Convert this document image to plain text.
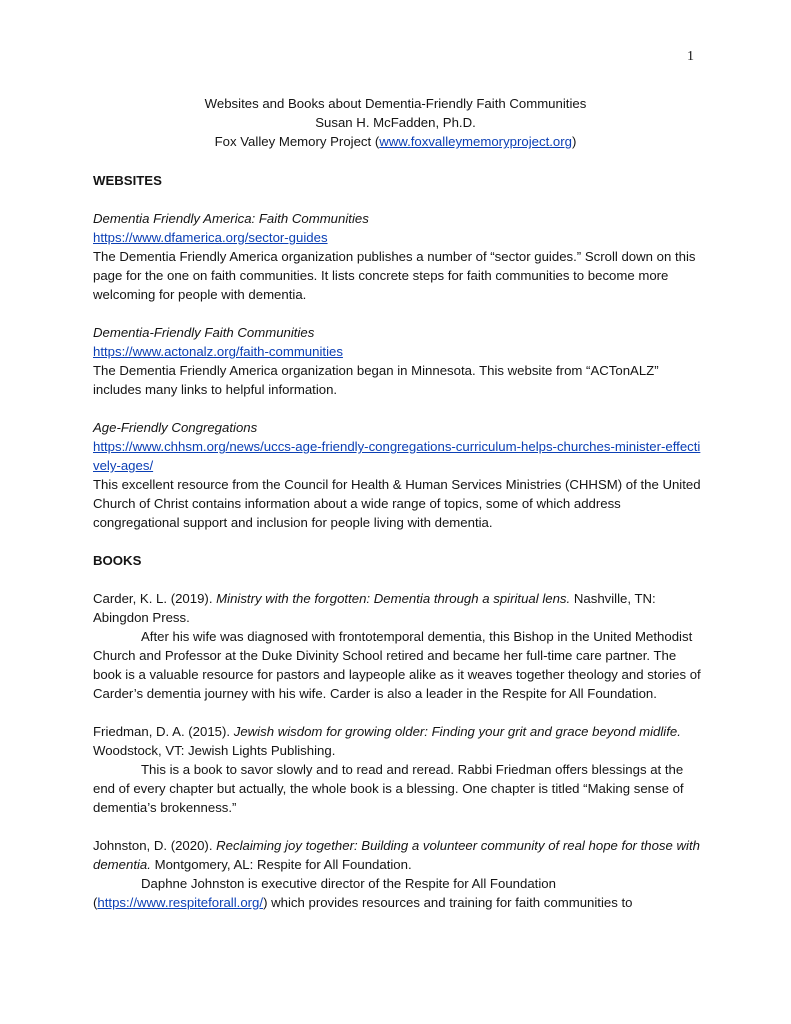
1
Websites and Books about Dementia-Friendly Faith Communities
Susan H. McFadden, Ph.D.
Fox Valley Memory Project (www.foxvalleymemoryproject.org)

WEBSITES

Dementia Friendly America: Faith Communities

https://www.dfamerica.org/sector-guides

The Dementia Friendly America organization publishes a number of “sector guides.” Scroll down on this page for the one on faith communities. It lists concrete steps for faith communities to become more welcoming for people with dementia.

Dementia-Friendly Faith Communities

https://www.actonalz.org/faith-communities

The Dementia Friendly America organization began in Minnesota. This website from “ACTonALZ” includes many links to helpful information.

Age-Friendly Congregations

https://www.chhsm.org/news/uccs-age-friendly-congregations-curriculum-helps-churches-minister-effectively-ages/

This excellent resource from the Council for Health & Human Services Ministries (CHHSM) of the United Church of Christ contains information about a wide range of topics, some of which address congregational support and inclusion for people living with dementia.

BOOKS

Carder, K. L. (2019). Ministry with the forgotten: Dementia through a spiritual lens. Nashville, TN: Abingdon Press.

After his wife was diagnosed with frontotemporal dementia, this Bishop in the United Methodist Church and Professor at the Duke Divinity School retired and became her full-time care partner. The book is a valuable resource for pastors and laypeople alike as it weaves together theology and stories of Carder’s dementia journey with his wife. Carder is also a leader in the Respite for All Foundation.

Friedman, D. A. (2015). Jewish wisdom for growing older: Finding your grit and grace beyond midlife. Woodstock, VT: Jewish Lights Publishing.

This is a book to savor slowly and to read and reread. Rabbi Friedman offers blessings at the end of every chapter but actually, the whole book is a blessing. One chapter is titled “Making sense of dementia’s brokenness.”

Johnston, D. (2020). Reclaiming joy together: Building a volunteer community of real hope for those with dementia. Montgomery, AL: Respite for All Foundation.

Daphne Johnston is executive director of the Respite for All Foundation

(https://www.respiteforall.org/) which provides resources and training for faith communities to
